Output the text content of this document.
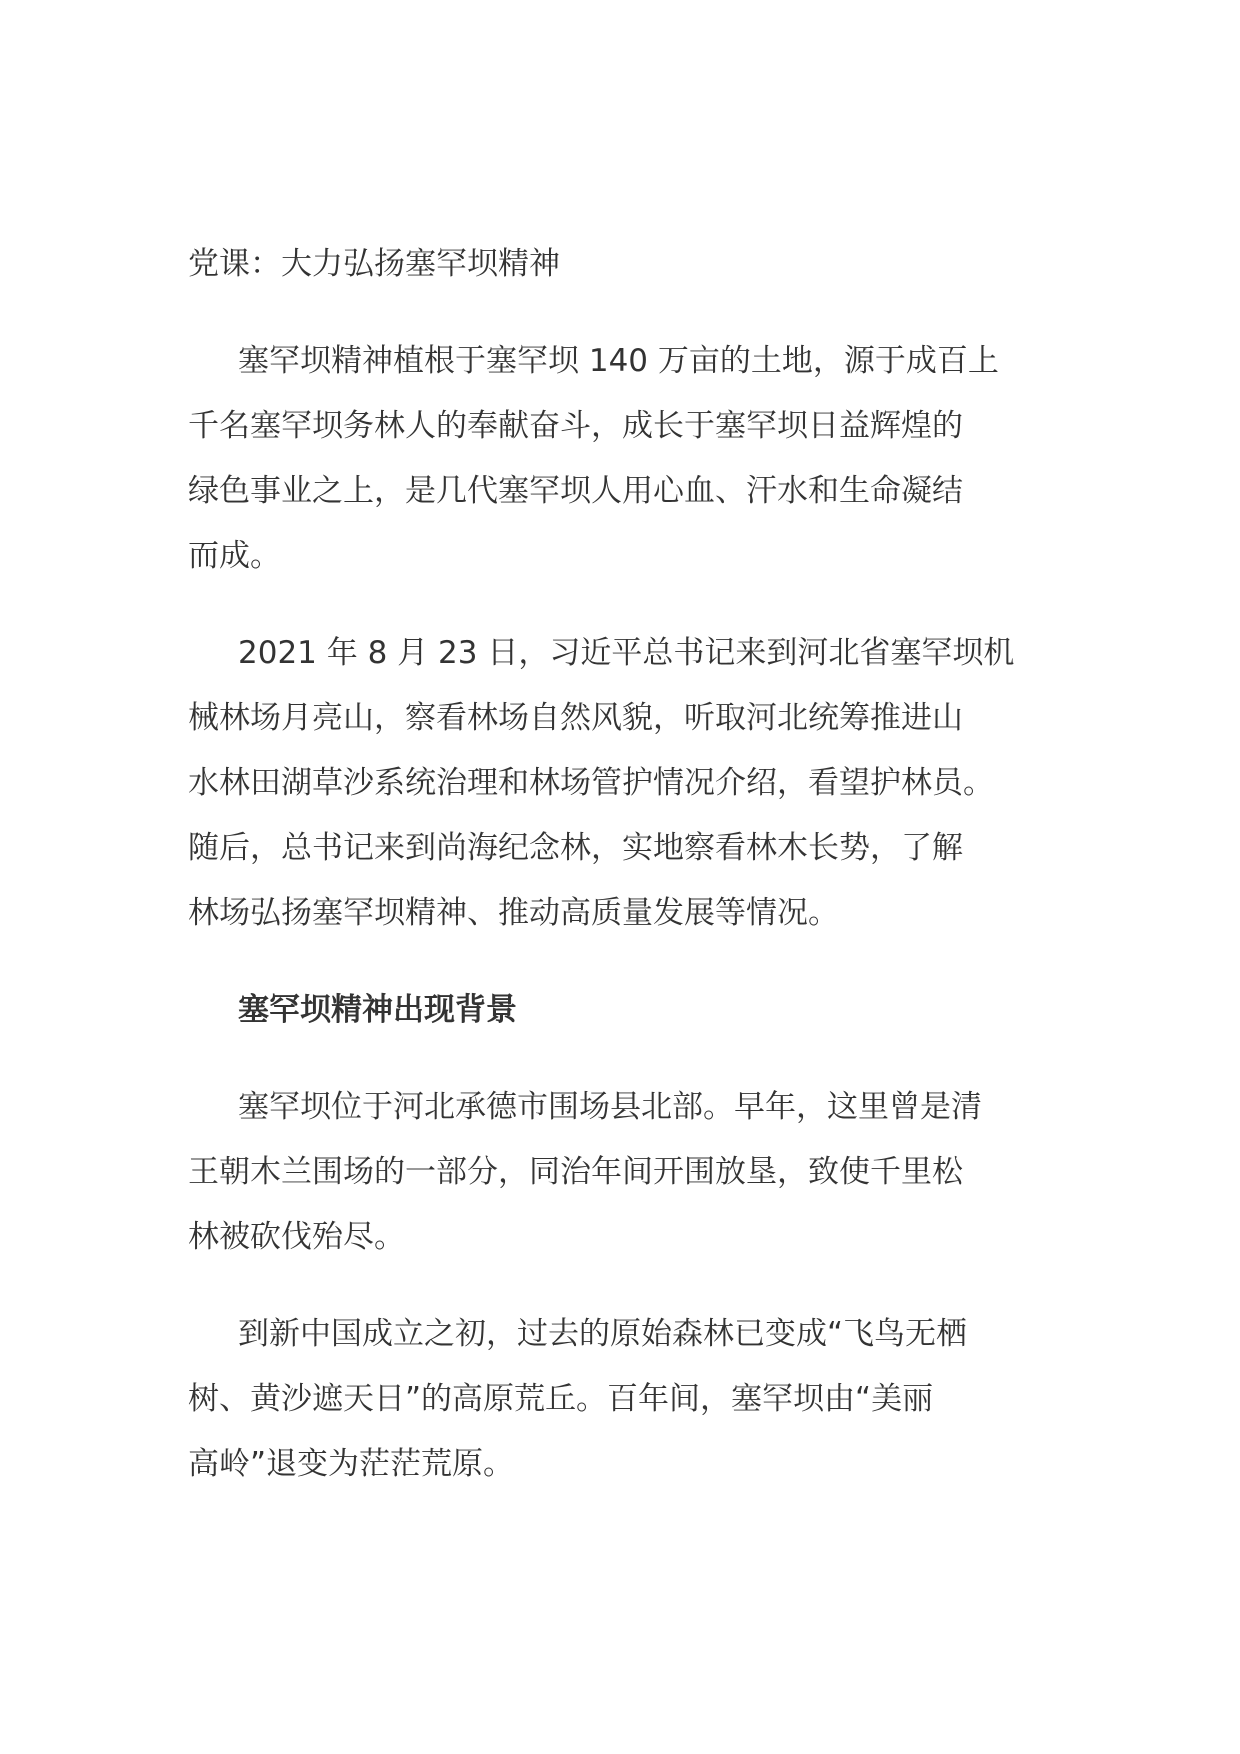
党课：大力弘扬塞罕坝精神
塞罕坝精神植根于塞罕坝 140 万亩的土地，源于成百上
千名塞罕坝务林人的奉献奋斗，成长于塞罕坝日益辉煌的
绿色事业之上，是几代塞罕坝人用心血、汗水和生命凝结
而成。
2021 年 8 月 23 日，习近平总书记来到河北省塞罕坝机
械林场月亮山，察看林场自然风貌，听取河北统筹推进山
水林田湖草沙系统治理和林场管护情况介绍，看望护林员。
随后，总书记来到尚海纪念林，实地察看林木长势，了解
林场弘扬塞罕坝精神、推动高质量发展等情况。
塞罕坝精神出现背景
塞罕坝位于河北承德市围场县北部。早年，这里曾是清
王朝木兰围场的一部分，同治年间开围放垦，致使千里松
林被砍伐殆尽。
到新中国成立之初，过去的原始森林已变成“飞鸟无栖
树、黄沙遮天日”的高原荒丘。百年间，塞罕坝由“美丽
高岭”退变为茫茫荒原。
